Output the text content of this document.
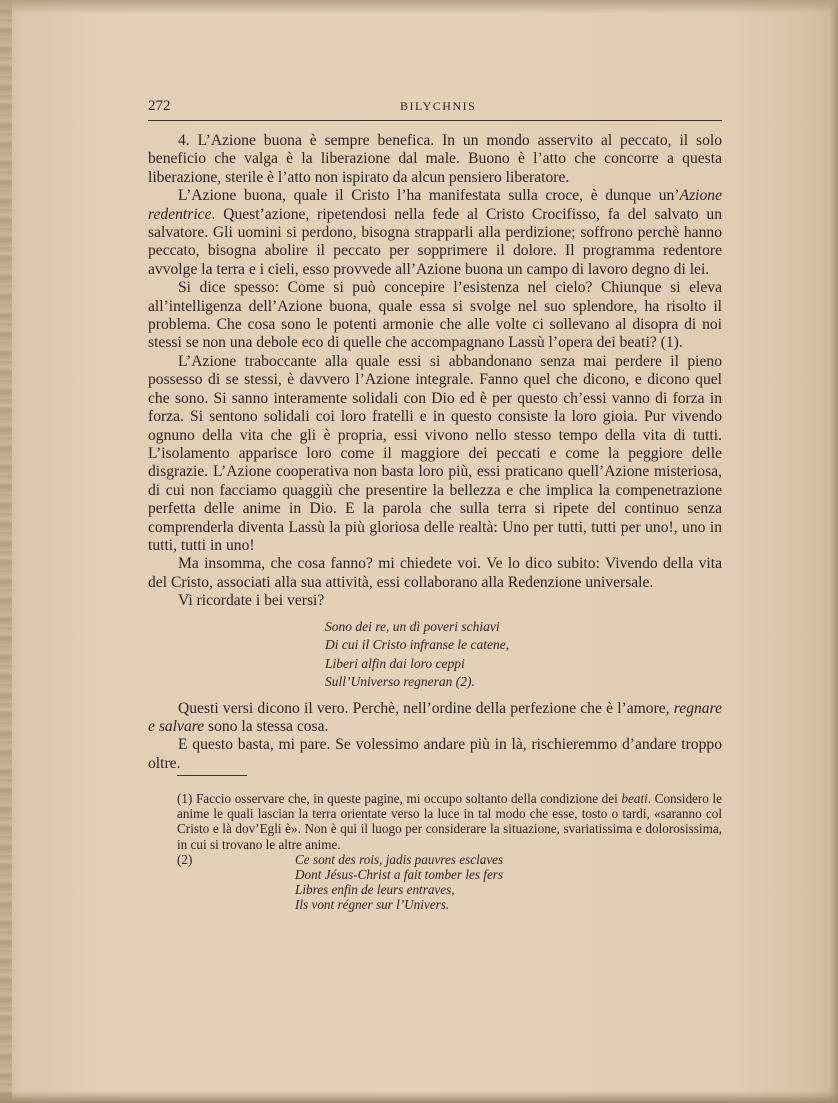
272	BILYCHNIS

4. L’Azione buona è sempre benefica. In un mondo asservito al peccato, il solo beneficio che valga è la liberazione dal male. Buono è l’atto che concorre a questa liberazione, sterile è l’atto non ispirato da alcun pensiero liberatore.

L’Azione buona, quale il Cristo l’ha manifestata sulla croce, è dunque un’Azione redentrice. Quest’azione, ripetendosi nella fede al Cristo Crocifisso, fa del salvato un salvatore. Gli uomini si perdono, bisogna strapparli alla perdizione; soffrono perchè hanno peccato, bisogna abolire il peccato per sopprimere il dolore. Il programma redentore avvolge la terra e i cieli, esso provvede all’Azione buona un campo di lavoro degno di lei.

Si dice spesso: Come si può concepire l’esistenza nel cielo? Chiunque si eleva all’intelligenza dell’Azione buona, quale essa si svolge nel suo splendore, ha risolto il problema. Che cosa sono le potenti armonie che alle volte ci sollevano al disopra di noi stessi se non una debole eco di quelle che accompagnano Lassù l’opera dei beati? (1).

L’Azione traboccante alla quale essi si abbandonano senza mai perdere il pieno possesso di se stessi, è davvero l’Azione integrale. Fanno quel che dicono, e dicono quel che sono. Si sanno interamente solidali con Dio ed è per questo ch’essi vanno di forza in forza. Si sentono solidali coi loro fratelli e in questo consiste la loro gioia. Pur vivendo ognuno della vita che gli è propria, essi vivono nello stesso tempo della vita di tutti. L’isolamento apparisce loro come il maggiore dei peccati e come la peggiore delle disgrazie. L’Azione cooperativa non basta loro più, essi praticano quell’Azione misteriosa, di cui non facciamo quaggiù che presentire la bellezza e che implica la compenetrazione perfetta delle anime in Dio. E la parola che sulla terra si ripete del continuo senza comprenderla diventa Lassù la più gloriosa delle realtà: Uno per tutti, tutti per uno!, uno in tutti, tutti in uno!

Ma insomma, che cosa fanno? mi chiedete voi. Ve lo dico subito: Vivendo della vita del Cristo, associati alla sua attività, essi collaborano alla Redenzione universale.

Vi ricordate i bei versi?

Sono dei re, un dì poveri schiavi
Di cui il Cristo infranse le catene,
Liberi alfin dai loro ceppi
Sull’Universo regneran (2).

Questi versi dicono il vero. Perchè, nell’ordine della perfezione che è l’amore, regnare e salvare sono la stessa cosa.

E questo basta, mi pare. Se volessimo andare più in là, rischieremmo d’andare troppo oltre.

(1) Faccio osservare che, in queste pagine, mi occupo soltanto della condizione dei beati. Considero le anime le quali lascian la terra orientate verso la luce in tal modo che esse, tosto o tardi, «saranno col Cristo e là dov’Egli è». Non è qui il luogo per considerare la situazione, svariatissima e dolorosissima, in cui si trovano le altre anime.

(2)	Ce sont des rois, jadis pauvres esclaves
Dont Jésus-Christ a fait tomber les fers
Libres enfin de leurs entraves,
Ils vont régner sur l’Univers.
